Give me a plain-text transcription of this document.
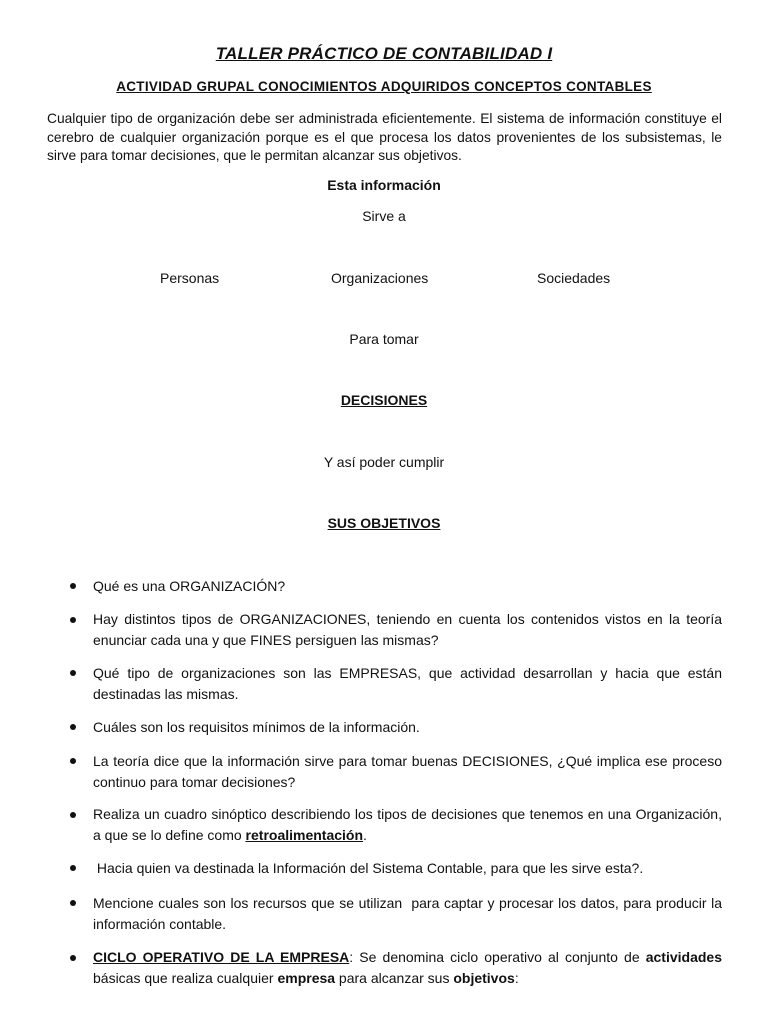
TALLER PRÁCTICO DE CONTABILIDAD I
ACTIVIDAD GRUPAL CONOCIMIENTOS ADQUIRIDOS CONCEPTOS CONTABLES

Cualquier tipo de organización debe ser administrada eficientemente. El sistema de información constituye el cerebro de cualquier organización porque es el que procesa los datos provenientes de los subsistemas, le sirve para tomar decisiones, que le permitan alcanzar sus objetivos.

Esta información
Sirve a
Personas	Organizaciones	Sociedades
Para tomar
DECISIONES
Y así poder cumplir
SUS OBJETIVOS
Qué es una ORGANIZACIÓN?
Hay distintos tipos de ORGANIZACIONES, teniendo en cuenta los contenidos vistos en la teoría enunciar cada una y que FINES persiguen las mismas?
Qué tipo de organizaciones son las EMPRESAS, que actividad desarrollan y hacia que están destinadas las mismas.
Cuáles son los requisitos mínimos de la información.
La teoría dice que la información sirve para tomar buenas DECISIONES, ¿Qué implica ese proceso continuo para tomar decisiones?
Realiza un cuadro sinóptico describiendo los tipos de decisiones que tenemos en una Organización, a que se lo define como retroalimentación.
Hacia quien va destinada la Información del Sistema Contable, para que les sirve esta?.
Mencione cuales son los recursos que se utilizan  para captar y procesar los datos, para producir la información contable.
CICLO OPERATIVO DE LA EMPRESA: Se denomina ciclo operativo al conjunto de actividades básicas que realiza cualquier empresa para alcanzar sus objetivos:
